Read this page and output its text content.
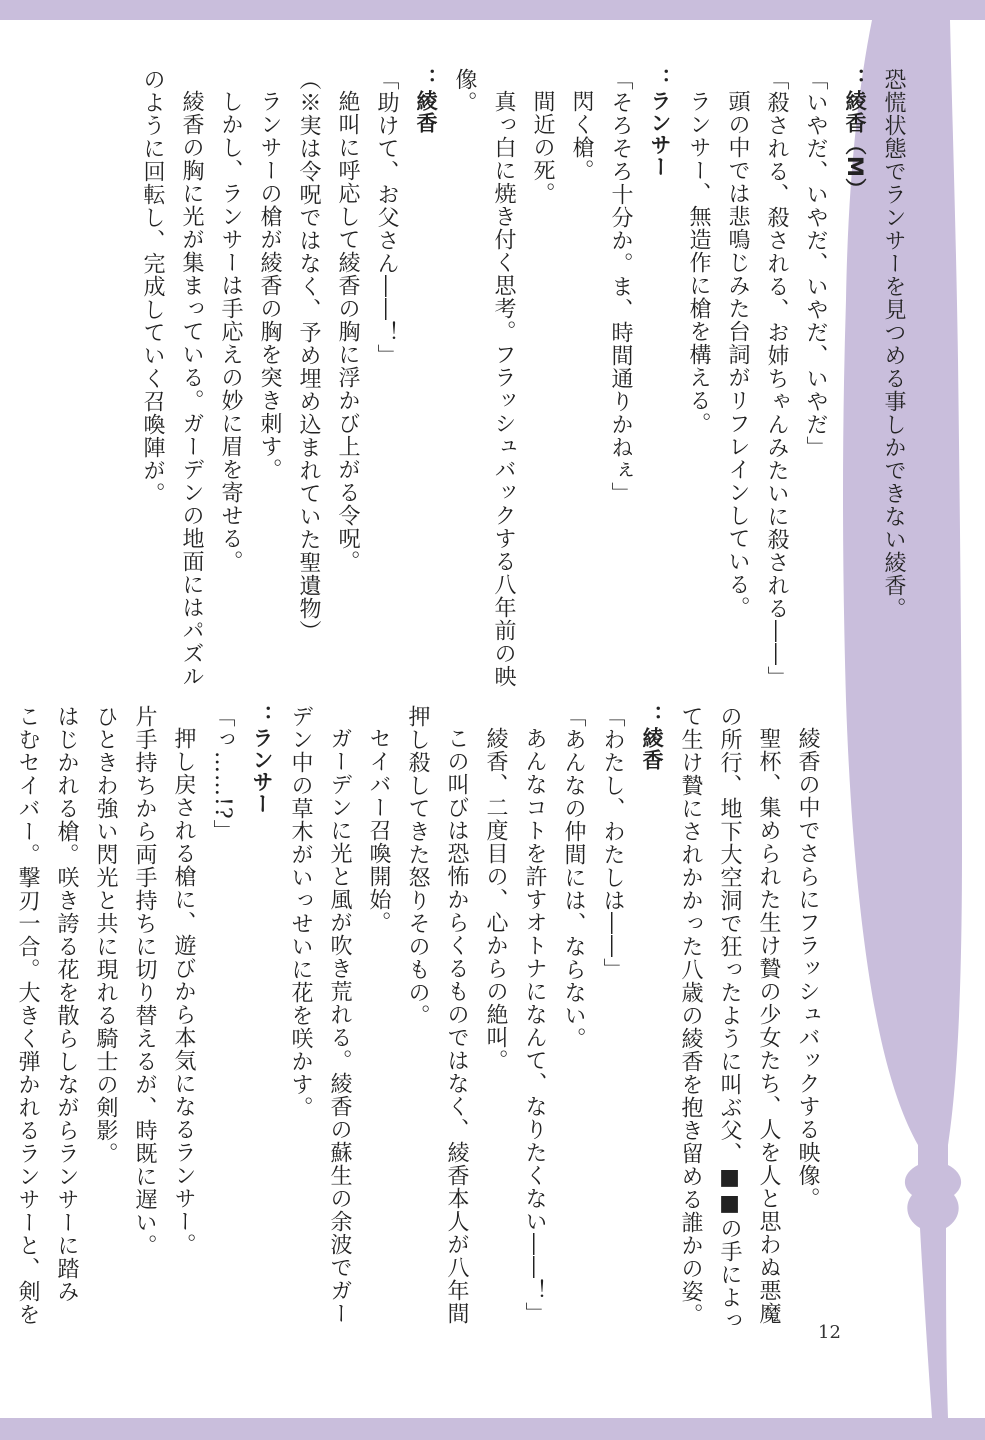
恐慌状態でランサーを見つめる事しかできない綾香。
：綾香（M）
「いやだ、いやだ、いやだ、いやだ」
「殺される、殺される、お姉ちゃんみたいに殺される――」
頭の中では悲鳴じみた台詞がリフレインしている。
ランサー、無造作に槍を構える。
：ランサー
「そろそろ十分か。ま、時間通りかねぇ」
閃く槍。
間近の死。
真っ白に焼き付く思考。フラッシュバックする八年前の映
像。
：綾香
「助けて、お父さん――！」
絶叫に呼応して綾香の胸に浮かび上がる令呪。
（※実は令呪ではなく、予め埋め込まれていた聖遺物）
ランサーの槍が綾香の胸を突き刺す。
しかし、ランサーは手応えの妙に眉を寄せる。
綾香の胸に光が集まっている。ガーデンの地面にはパズル
のように回転し、完成していく召喚陣が。
綾香の中でさらにフラッシュバックする映像。
聖杯、集められた生け贄の少女たち、人を人と思わぬ悪魔
の所行、地下大空洞で狂ったように叫ぶ父、■■の手によっ
て生け贄にされかかった八歳の綾香を抱き留める誰かの姿。
：綾香
「わたし、わたしは――」
「あんなの仲間には、ならない。
あんなコトを許すオトナになんて、なりたくない――！」
綾香、二度目の、心からの絶叫。
この叫びは恐怖からくるものではなく、綾香本人が八年間
押し殺してきた怒りそのもの。
セイバー召喚開始。
ガーデンに光と風が吹き荒れる。綾香の蘇生の余波でガー
デン中の草木がいっせいに花を咲かす。
：ランサー
「っ……!?」
押し戻される槍に、遊びから本気になるランサー。
片手持ちから両手持ちに切り替えるが、時既に遅い。
ひときわ強い閃光と共に現れる騎士の剣影。
はじかれる槍。咲き誇る花を散らしながらランサーに踏み
こむセイバー。撃刃一合。大きく弾かれるランサーと、剣を
12
